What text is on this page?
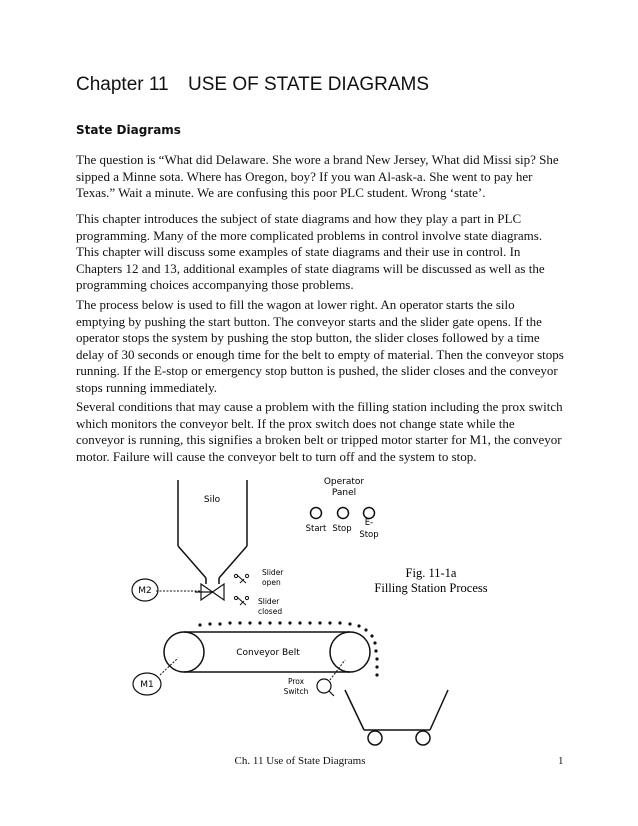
Chapter 11 USE OF STATE DIAGRAMS
State Diagrams

The question is “What did Delaware. She wore a brand New Jersey, What did Missi sip? She sipped a Minne sota. Where has Oregon, boy? If you wan Al-ask-a. She went to pay her Texas.” Wait a minute. We are confusing this poor PLC student. Wrong ‘state’.

This chapter introduces the subject of state diagrams and how they play a part in PLC programming. Many of the more complicated problems in control involve state diagrams. This chapter will discuss some examples of state diagrams and their use in control. In Chapters 12 and 13, additional examples of state diagrams will be discussed as well as the programming choices accompanying those problems.

The process below is used to fill the wagon at lower right. An operator starts the silo emptying by pushing the start button. The conveyor starts and the slider gate opens. If the operator stops the system by pushing the stop button, the slider closes followed by a time delay of 30 seconds or enough time for the belt to empty of material. Then the conveyor stops running. If the E-stop or emergency stop button is pushed, the slider closes and the conveyor stops running immediately.

Several conditions that may cause a problem with the filling station including the prox switch which monitors the conveyor belt. If the prox switch does not change state while the conveyor is running, this signifies a broken belt or tripped motor starter for M1, the conveyor motor. Failure will cause the conveyor belt to turn off and the system to stop.

Silo
M2
Slider
open
Slider
closed
Operator
Panel
Start Stop
E-
Stop
Fig. 11-1a
Filling Station Process
Conveyor Belt
M1	Prox
Switch
Ch. 11 Use of State Diagrams	1
